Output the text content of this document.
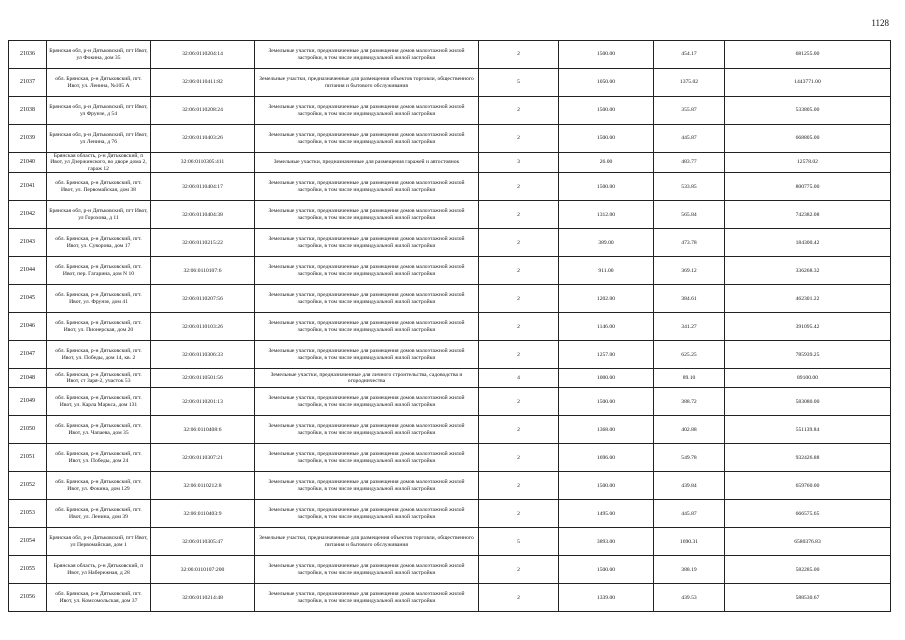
1128
21036	Брянская обл, р-н Дятьковский, пгт Ивот, ул Фокина, дом 35	32:06:0110204:14	Земельные участки, предназначенные для размещения домов малоэтажной жилой застройки, в том числе индивидуальной жилой застройки	2	1500.00	454.17	681255.00
21037	обл. Брянская, р-н Дятьковский, пгт. Ивот, ул. Ленина, №105 А	32:06:0110411:82	Земельные участки, предназначенные для размещения объектов торговли, общественного питания и бытового обслуживания	5	1050.00	1375.02	1443771.00
21038	Брянская обл, р-н Дятьковский, пгт Ивот, ул Фрунзе, д 54	32:06:0110208:24	Земельные участки, предназначенные для размещения домов малоэтажной жилой застройки, в том числе индивидуальной жилой застройки	2	1500.00	355.87	533805.00
21039	Брянская обл, р-н Дятьковский, пгт Ивот, ул Ленина, д 76	32:06:0110403:26	Земельные участки, предназначенные для размещения домов малоэтажной жилой застройки, в том числе индивидуальной жилой застройки	2	1500.00	445.87	668805.00
21040	Брянская область, р-н Дятьковский, п Ивот, ул Дзержинского, во дворе дома 2, гараж 12	32:06:0110305:411	Земельные участки, предназначенные для размещения гаражей и автостоянок	3	26.00	483.77	12578.02
21041	обл. Брянская, р-н Дятьковский, пгт. Ивот, ул. Первомайская, дом 38	32:06:0110404:17	Земельные участки, предназначенные для размещения домов малоэтажной жилой застройки, в том числе индивидуальной жилой застройки	2	1500.00	533.85	800775.00
21042	Брянская обл, р-н Дятьковский, пгт Ивот, ул Горохова, д 11	32:06:0110404:38	Земельные участки, предназначенные для размещения домов малоэтажной жилой застройки, в том числе индивидуальной жилой застройки	2	1312.00	565.84	742382.08
21043	обл. Брянская, р-н Дятьковский, пгт. Ивот, ул. Суворова, дом 17	32:06:0110215:22	Земельные участки, предназначенные для размещения домов малоэтажной жилой застройки, в том числе индивидуальной жилой застройки	2	389.00	473.78	184300.42
21044	обл. Брянская, р-н Дятьковский, пгт. Ивот, пер. Гагарина, дом N 10	32:06:0110107:6	Земельные участки, предназначенные для размещения домов малоэтажной жилой застройки, в том числе индивидуальной жилой застройки	2	911.00	369.12	336268.32
21045	обл. Брянская, р-н Дятьковский, пгт. Ивот, ул. Фрунзе, дом 41	32:06:0110207:56	Земельные участки, предназначенные для размещения домов малоэтажной жилой застройки, в том числе индивидуальной жилой застройки	2	1202.00	384.61	462301.22
21046	обл. Брянская, р-н Дятьковский, пгт. Ивот, ул. Пионерская, дом 20	32:06:0110103:26	Земельные участки, предназначенные для размещения домов малоэтажной жилой застройки, в том числе индивидуальной жилой застройки	2	1146.00	341.27	391095.42
21047	обл. Брянская, р-н Дятьковский, пгт. Ивот, ул. Победы, дом 14, кв. 2	32:06:0110306:33	Земельные участки, предназначенные для размещения домов малоэтажной жилой застройки, в том числе индивидуальной жилой застройки	2	1257.00	625.25	785939.25
21048	обл. Брянская, р-н Дятьковский, пгт. Ивот, ст Заря-2, участок 53	32:06:0110501:56	Земельные участки, предназначенные для личного строительства, садоводства и огородничества	4	1000.00	89.10	89100.00
21049	обл. Брянская, р-н Дятьковский, пгт. Ивот, ул. Карла Маркса, дом 131	32:06:0110201:13	Земельные участки, предназначенные для размещения домов малоэтажной жилой застройки, в том числе индивидуальной жилой застройки	2	1500.00	388.72	583080.00
21050	обл. Брянская, р-н Дятьковский, пгт. Ивот, ул. Чапаева, дом 35	32:06:0110408:6	Земельные участки, предназначенные для размещения домов малоэтажной жилой застройки, в том числе индивидуальной жилой застройки	2	1368.00	402.88	551139.84
21051	обл. Брянская, р-н Дятьковский, пгт. Ивот, ул. Победы, дом 24	32:06:0110307:21	Земельные участки, предназначенные для размещения домов малоэтажной жилой застройки, в том числе индивидуальной жилой застройки	2	1696.00	549.78	932426.88
21052	обл. Брянская, р-н Дятьковский, пгт. Ивот, ул. Фокина, дом 129	32:06:0110212:8	Земельные участки, предназначенные для размещения домов малоэтажной жилой застройки, в том числе индивидуальной жилой застройки	2	1500.00	439.84	659760.00
21053	обл. Брянская, р-н Дятьковский, пгт. Ивот, ул. Ленина, дом 39	32:06:0110403:9	Земельные участки, предназначенные для размещения домов малоэтажной жилой застройки, в том числе индивидуальной жилой застройки	2	1495.00	445.87	666575.65
21054	Брянская обл, р-н Дятьковский, пгт Ивот, ул Первомайская, дом 1	32:06:0110305:47	Земельные участки, предназначенные для размещения объектов торговли, общественного питания и бытового обслуживания	5	3893.00	1690.31	6580376.83
21055	Брянская область, р-н Дятьковский, п Ивот, ул Набережная, д 28	32:06:0110107:200	Земельные участки, предназначенные для размещения домов малоэтажной жилой застройки, в том числе индивидуальной жилой застройки	2	1500.00	388.19	582285.00
21056	обл. Брянская, р-н Дятьковский, пгт. Ивот, ул. Комсомольская, дом 37	32:06:0110214:48	Земельные участки, предназначенные для размещения домов малоэтажной жилой застройки, в том числе индивидуальной жилой застройки	2	1339.00	439.53	588530.67
